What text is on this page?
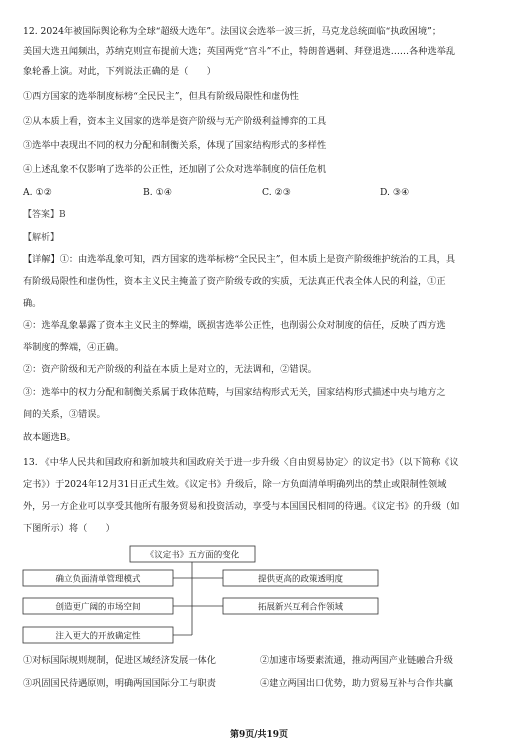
12. 2024年被国际舆论称为全球“超级大选年”。法国议会选举一波三折，马克龙总统面临“执政困境”；
美国大选丑闻频出，苏纳克则宣布提前大选；英国两党“宫斗”不止，特朗普遇刺、拜登退选……各种选举乱
象轮番上演。对此，下列说法正确的是（　　）
①西方国家的选举制度标榜“全民民主”，但具有阶级局限性和虚伪性
②从本质上看，资本主义国家的选举是资产阶级与无产阶级利益博弈的工具
③选举中表现出不同的权力分配和制衡关系，体现了国家结构形式的多样性
④上述乱象不仅影响了选举的公正性，还加剧了公众对选举制度的信任危机
A. ①②	B. ①④	C. ②③	D. ③④
【答案】B
【解析】
【详解】①：由选举乱象可知，西方国家的选举标榜“全民民主”，但本质上是资产阶级维护统治的工具，具
有阶级局限性和虚伪性，资本主义民主掩盖了资产阶级专政的实质，无法真正代表全体人民的利益，①正
确。
④：选举乱象暴露了资本主义民主的弊端，既损害选举公正性，也削弱公众对制度的信任，反映了西方选
举制度的弊端，④正确。
②：资产阶级和无产阶级的利益在本质上是对立的，无法调和，②错误。
③：选举中的权力分配和制衡关系属于政体范畴，与国家结构形式无关，国家结构形式描述中央与地方之
间的关系，③错误。
故本题选B。
13. 《中华人民共和国政府和新加坡共和国政府关于进一步升级〈自由贸易协定〉的议定书》（以下简称《议
定书》）于2024年12月31日正式生效。《议定书》升级后，除一方负面清单明确列出的禁止或限制性领域
外，另一方企业可以享受其他所有服务贸易和投资活动，享受与本国国民相同的待遇。《议定书》的升级（如
下图所示）将（　　）
《议定书》五方面的变化
确立负面清单管理模式
创造更广阔的市场空间
注入更大的开放确定性
提供更高的政策透明度
拓展新兴互利合作领域
①对标国际规则规制，促进区域经济发展一体化	②加速市场要素流通，推动两国产业链融合升级
③巩固国民待遇原则，明确两国国际分工与职责	④建立两国出口优势，助力贸易互补与合作共赢
第9页/共19页
